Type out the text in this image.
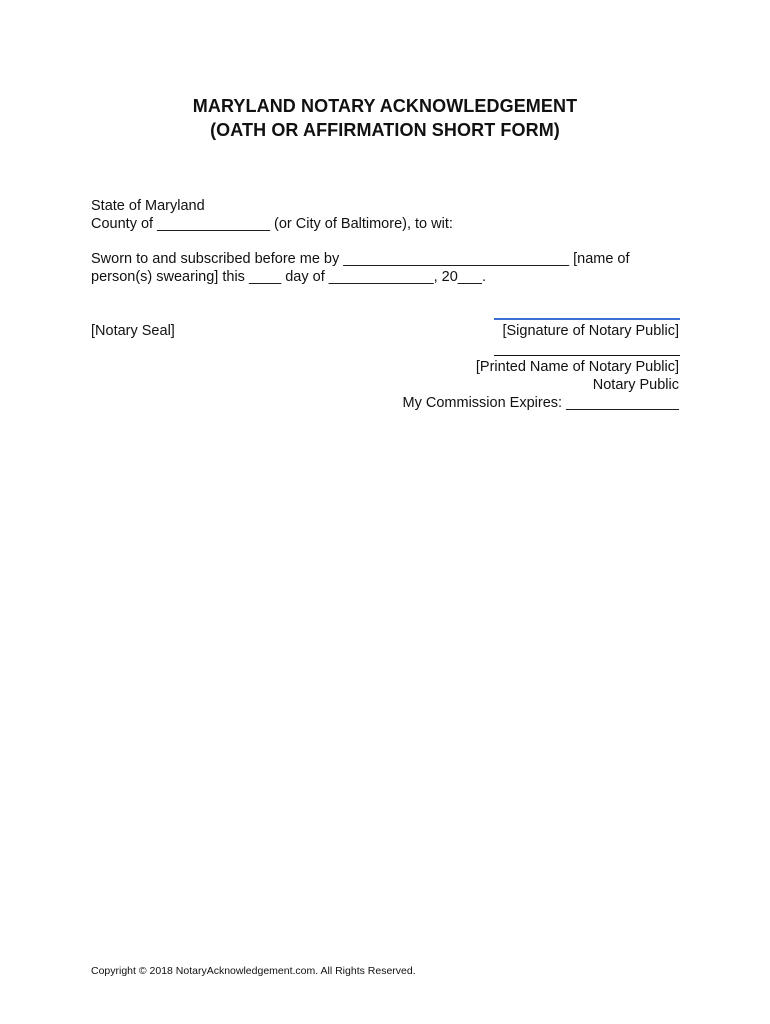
MARYLAND NOTARY ACKNOWLEDGEMENT
(OATH OR AFFIRMATION SHORT FORM)
State of Maryland
County of ______________ (or City of Baltimore), to wit:
Sworn to and subscribed before me by ____________________________ [name of
person(s) swearing] this ____ day of _____________, 20___.
[Notary Seal]	[Signature of Notary Public]
[Printed Name of Notary Public]
Notary Public
My Commission Expires: ______________
Copyright © 2018 NotaryAcknowledgement.com. All Rights Reserved.
